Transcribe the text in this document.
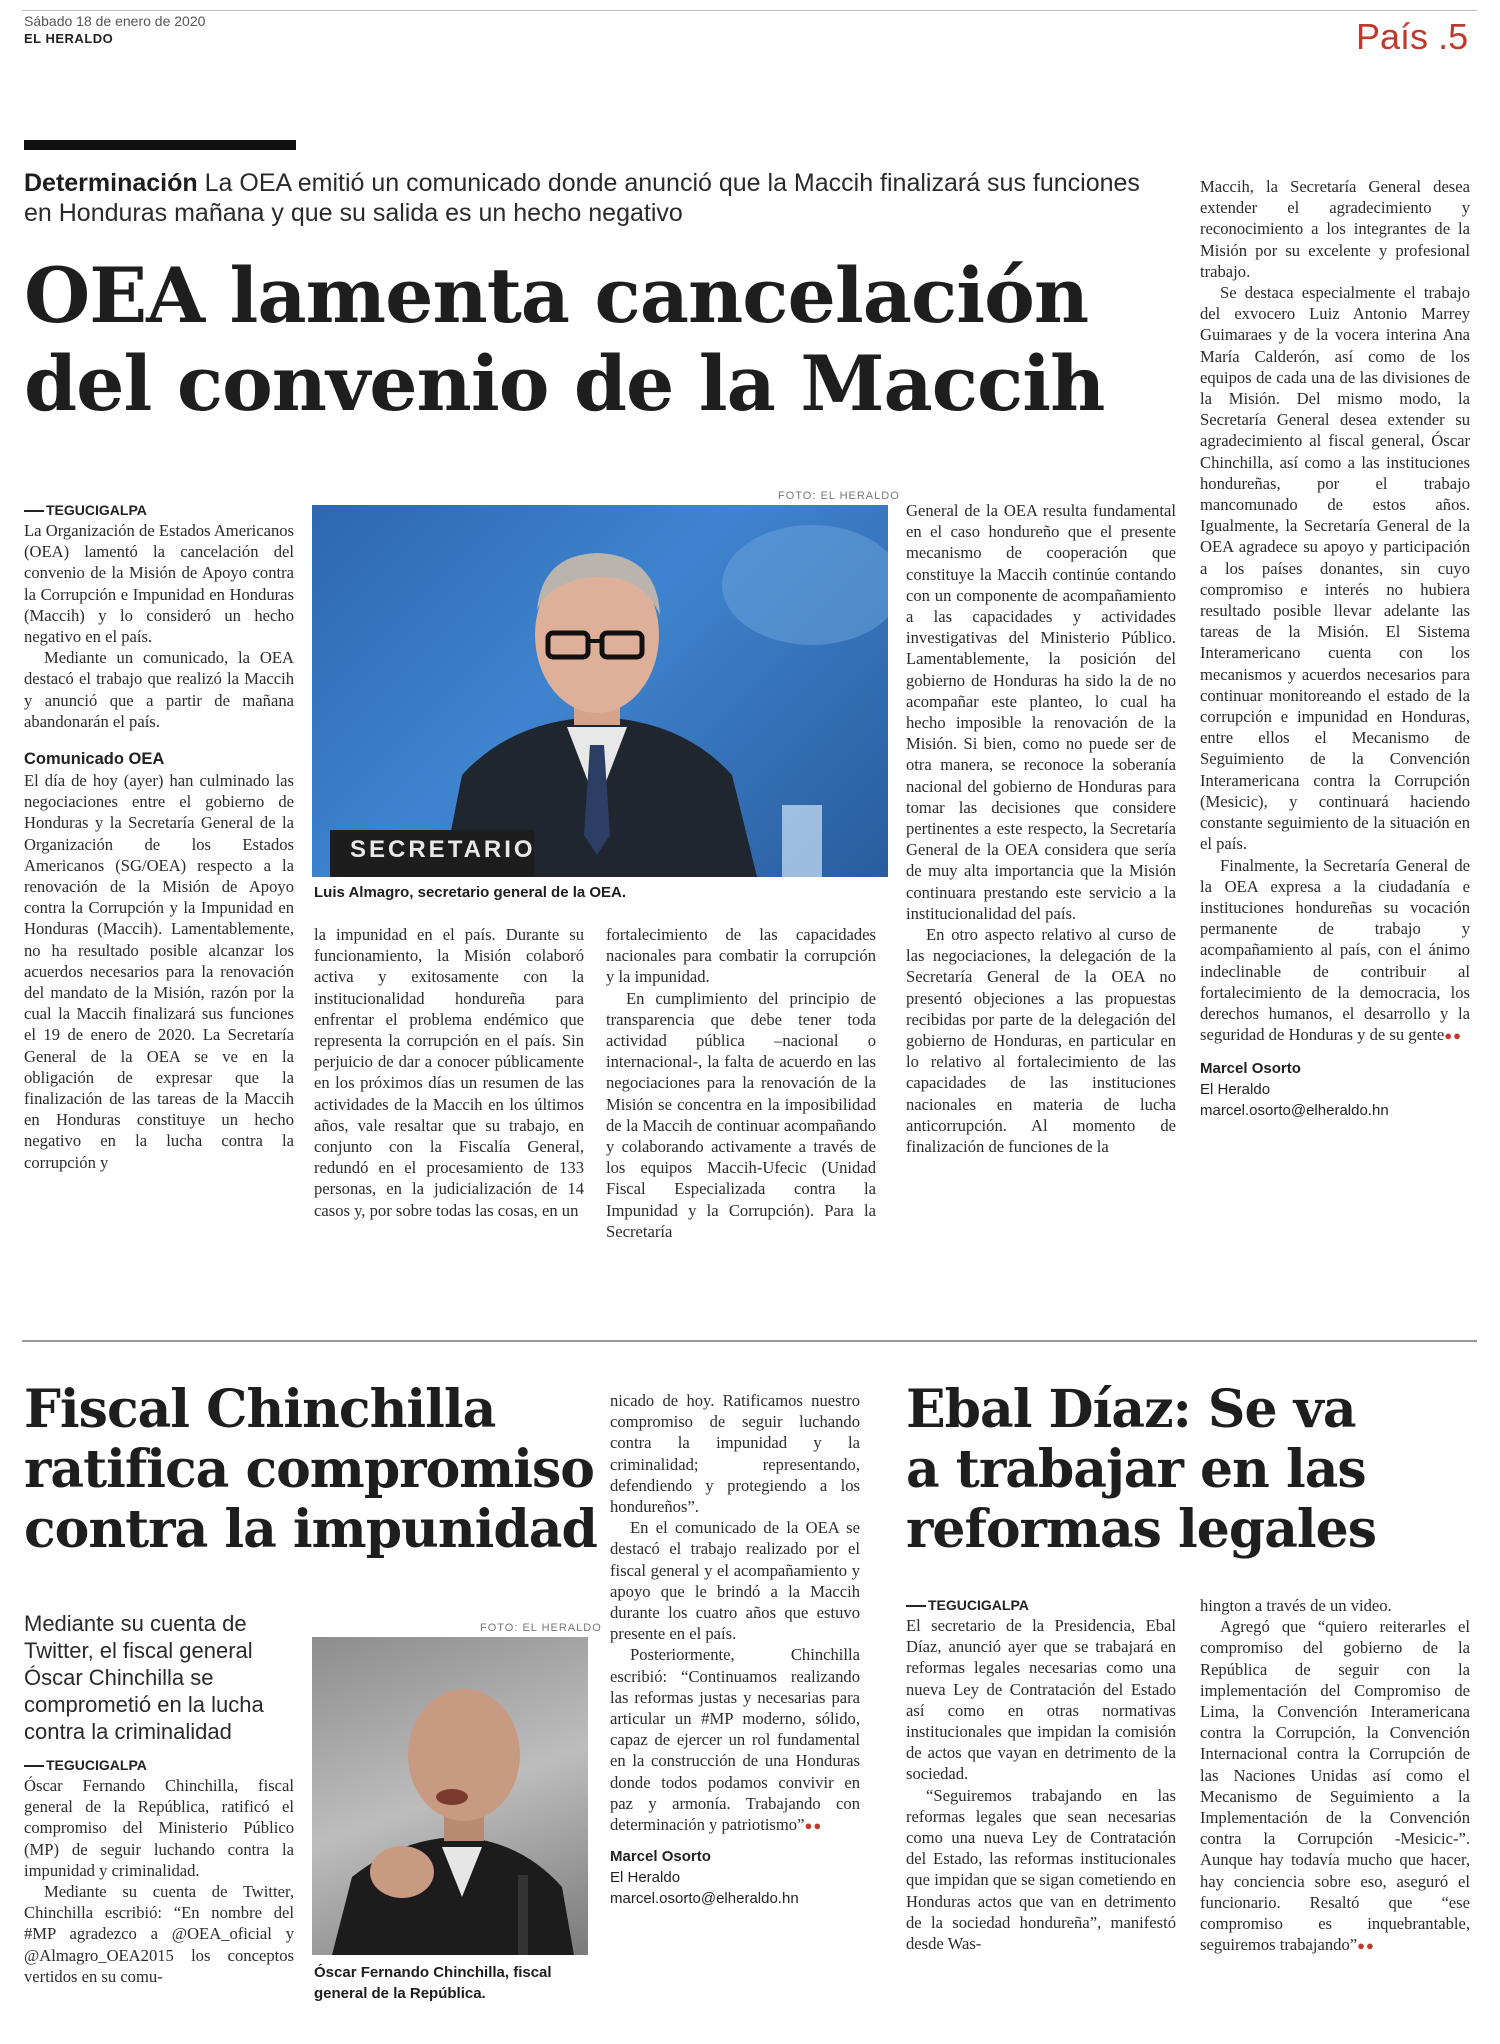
Sábado 18 de enero de 2020
EL HERALDO	País .5
Determinación La OEA emitió un comunicado donde anunció que la Maccih finalizará sus funciones en Honduras mañana y que su salida es un hecho negativo
OEA lamenta cancelación
del convenio de la Maccih
TEGUCIGALPA

La Organización de Estados Americanos (OEA) lamentó la cancelación del convenio de la Misión de Apoyo contra la Corrupción e Impunidad en Honduras (Maccih) y lo consideró un hecho negativo en el país.

Mediante un comunicado, la OEA destacó el trabajo que realizó la Maccih y anunció que a partir de mañana abandonarán el país.

Comunicado OEA

El día de hoy (ayer) han culminado las negociaciones entre el gobierno de Honduras y la Secretaría General de la Organización de los Estados Americanos (SG/OEA) respecto a la renovación de la Misión de Apoyo contra la Corrupción y la Impunidad en Honduras (Maccih). Lamentablemente, no ha resultado posible alcanzar los acuerdos necesarios para la renovación del mandato de la Misión, razón por la cual la Maccih finalizará sus funciones el 19 de enero de 2020. La Secretaría General de la OEA se ve en la obligación de expresar que la finalización de las tareas de la Maccih en Honduras constituye un hecho negativo en la lucha contra la corrupción y

FOTO: EL HERALDO
SECRETARIO
Luis Almagro, secretario general de la OEA.

la impunidad en el país. Durante su funcionamiento, la Misión colaboró activa y exitosamente con la institucionalidad hondureña para enfrentar el problema endémico que representa la corrupción en el país. Sin perjuicio de dar a conocer públicamente en los próximos días un resumen de las actividades de la Maccih en los últimos años, vale resaltar que su trabajo, en conjunto con la Fiscalía General, redundó en el procesamiento de 133 personas, en la judicialización de 14 casos y, por sobre todas las cosas, en un

fortalecimiento de las capacidades nacionales para combatir la corrupción y la impunidad.

En cumplimiento del principio de transparencia que debe tener toda actividad pública –nacional o internacional-, la falta de acuerdo en las negociaciones para la renovación de la Misión se concentra en la imposibilidad de la Maccih de continuar acompañando y colaborando activamente a través de los equipos Maccih-Ufecic (Unidad Fiscal Especializada contra la Impunidad y la Corrupción). Para la Secretaría

General de la OEA resulta fundamental en el caso hondureño que el presente mecanismo de cooperación que constituye la Maccih continúe contando con un componente de acompañamiento a las capacidades y actividades investigativas del Ministerio Público. Lamentablemente, la posición del gobierno de Honduras ha sido la de no acompañar este planteo, lo cual ha hecho imposible la renovación de la Misión. Si bien, como no puede ser de otra manera, se reconoce la soberanía nacional del gobierno de Honduras para tomar las decisiones que considere pertinentes a este respecto, la Secretaría General de la OEA considera que sería de muy alta importancia que la Misión continuara prestando este servicio a la institucionalidad del país.

En otro aspecto relativo al curso de las negociaciones, la delegación de la Secretaría General de la OEA no presentó objeciones a las propuestas recibidas por parte de la delegación del gobierno de Honduras, en particular en lo relativo al fortalecimiento de las capacidades de las instituciones nacionales en materia de lucha anticorrupción. Al momento de finalización de funciones de la

Maccih, la Secretaría General desea extender el agradecimiento y reconocimiento a los integrantes de la Misión por su excelente y profesional trabajo.

Se destaca especialmente el trabajo del exvocero Luiz Antonio Marrey Guimaraes y de la vocera interina Ana María Calderón, así como de los equipos de cada una de las divisiones de la Misión. Del mismo modo, la Secretaría General desea extender su agradecimiento al fiscal general, Óscar Chinchilla, así como a las instituciones hondureñas, por el trabajo mancomunado de estos años. Igualmente, la Secretaría General de la OEA agradece su apoyo y participación a los países donantes, sin cuyo compromiso e interés no hubiera resultado posible llevar adelante las tareas de la Misión. El Sistema Interamericano cuenta con los mecanismos y acuerdos necesarios para continuar monitoreando el estado de la corrupción e impunidad en Honduras, entre ellos el Mecanismo de Seguimiento de la Convención Interamericana contra la Corrupción (Mesicic), y continuará haciendo constante seguimiento de la situación en el país.

Finalmente, la Secretaría General de la OEA expresa a la ciudadanía e instituciones hondureñas su vocación permanente de trabajo y acompañamiento al país, con el ánimo indeclinable de contribuir al fortalecimiento de la democracia, los derechos humanos, el desarrollo y la seguridad de Honduras y de su gente●●

Marcel Osorto
El Heraldo
marcel.osorto@elheraldo.hn
Fiscal Chinchilla
ratifica compromiso
contra la impunidad
Mediante su cuenta de Twitter, el fiscal general Óscar Chinchilla se comprometió en la lucha contra la criminalidad
TEGUCIGALPA

Óscar Fernando Chinchilla, fiscal general de la República, ratificó el compromiso del Ministerio Público (MP) de seguir luchando contra la impunidad y criminalidad.

Mediante su cuenta de Twitter, Chinchilla escribió: “En nombre del #MP agradezco a @OEA_oficial y @Almagro_OEA2015 los conceptos vertidos en su comu-

FOTO: EL HERALDO
Óscar Fernando Chinchilla, fiscal general de la República.

nicado de hoy. Ratificamos nuestro compromiso de seguir luchando contra la impunidad y la criminalidad; representando, defendiendo y protegiendo a los hondureños”.

En el comunicado de la OEA se destacó el trabajo realizado por el fiscal general y el acompañamiento y apoyo que le brindó a la Maccih durante los cuatro años que estuvo presente en el país.

Posteriormente, Chinchilla escribió: “Continuamos realizando las reformas justas y necesarias para articular un #MP moderno, sólido, capaz de ejercer un rol fundamental en la construcción de una Honduras donde todos podamos convivir en paz y armonía. Trabajando con determinación y patriotismo”●●

Marcel Osorto
El Heraldo
marcel.osorto@elheraldo.hn
Ebal Díaz: Se va
a trabajar en las
reformas legales
TEGUCIGALPA

El secretario de la Presidencia, Ebal Díaz, anunció ayer que se trabajará en reformas legales necesarias como una nueva Ley de Contratación del Estado así como en otras normativas institucionales que impidan la comisión de actos que vayan en detrimento de la sociedad.

“Seguiremos trabajando en las reformas legales que sean necesarias como una nueva Ley de Contratación del Estado, las reformas institucionales que impidan que se sigan cometiendo en Honduras actos que van en detrimento de la sociedad hondureña”, manifestó desde Was-

hington a través de un video.

Agregó que “quiero reiterarles el compromiso del gobierno de la República de seguir con la implementación del Compromiso de Lima, la Convención Interamericana contra la Corrupción, la Convención Internacional contra la Corrupción de las Naciones Unidas así como el Mecanismo de Seguimiento a la Implementación de la Convención contra la Corrupción -Mesicic-”. Aunque hay todavía mucho que hacer, hay conciencia sobre eso, aseguró el funcionario. Resaltó que “ese compromiso es inquebrantable, seguiremos trabajando”●●
